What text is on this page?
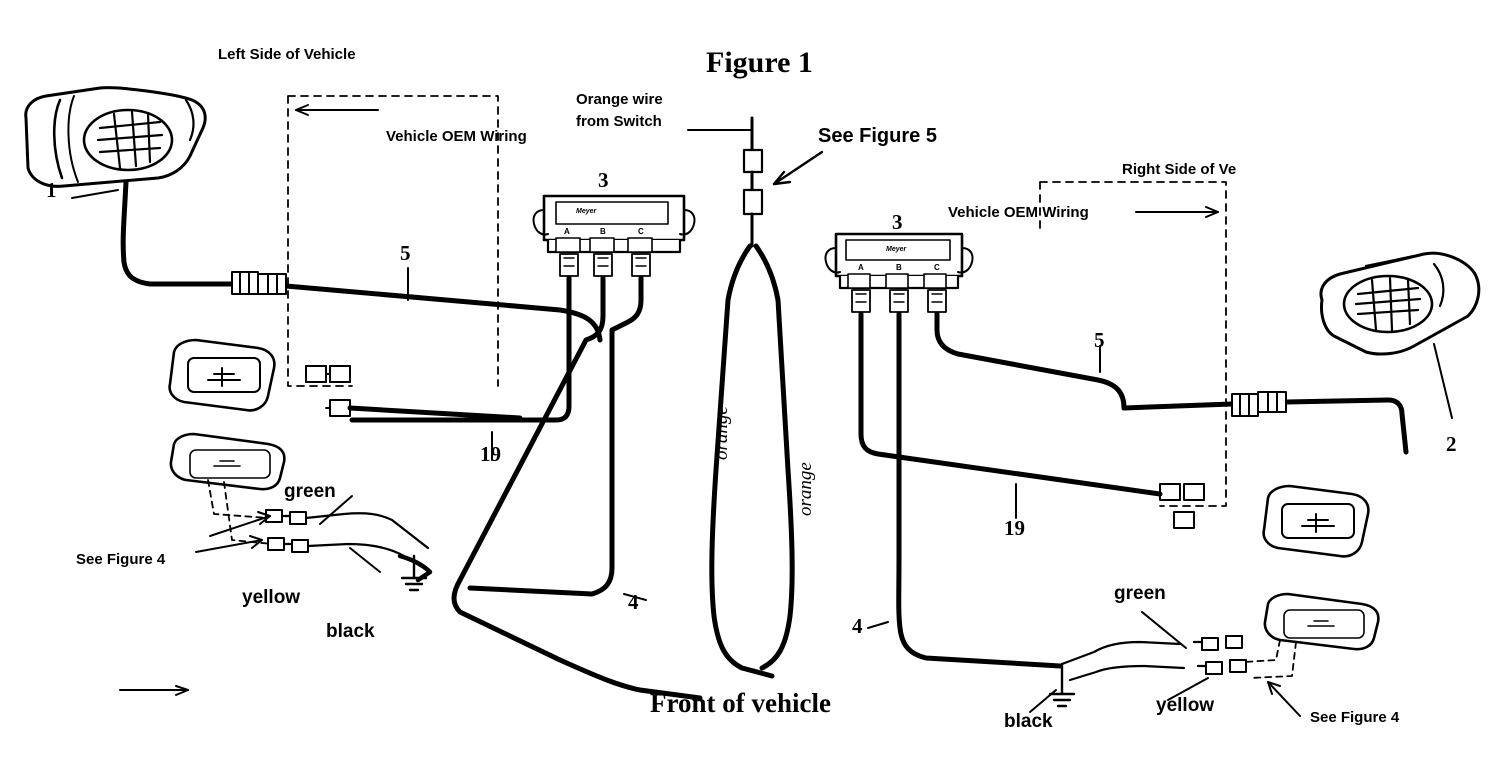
Figure 1
Left Side of Vehicle
Right Side of Ve
Vehicle OEM Wiring
Vehicle OEM Wiring
Orange wire
from Switch
See Figure 5
1
2
3
3
5
5
4
4
19
19
orange
orange
green
yellow
black
green
yellow
black
See Figure 4
See Figure 4
Front of vehicle
Meyer
A	B	C
Meyer
A	B	C
